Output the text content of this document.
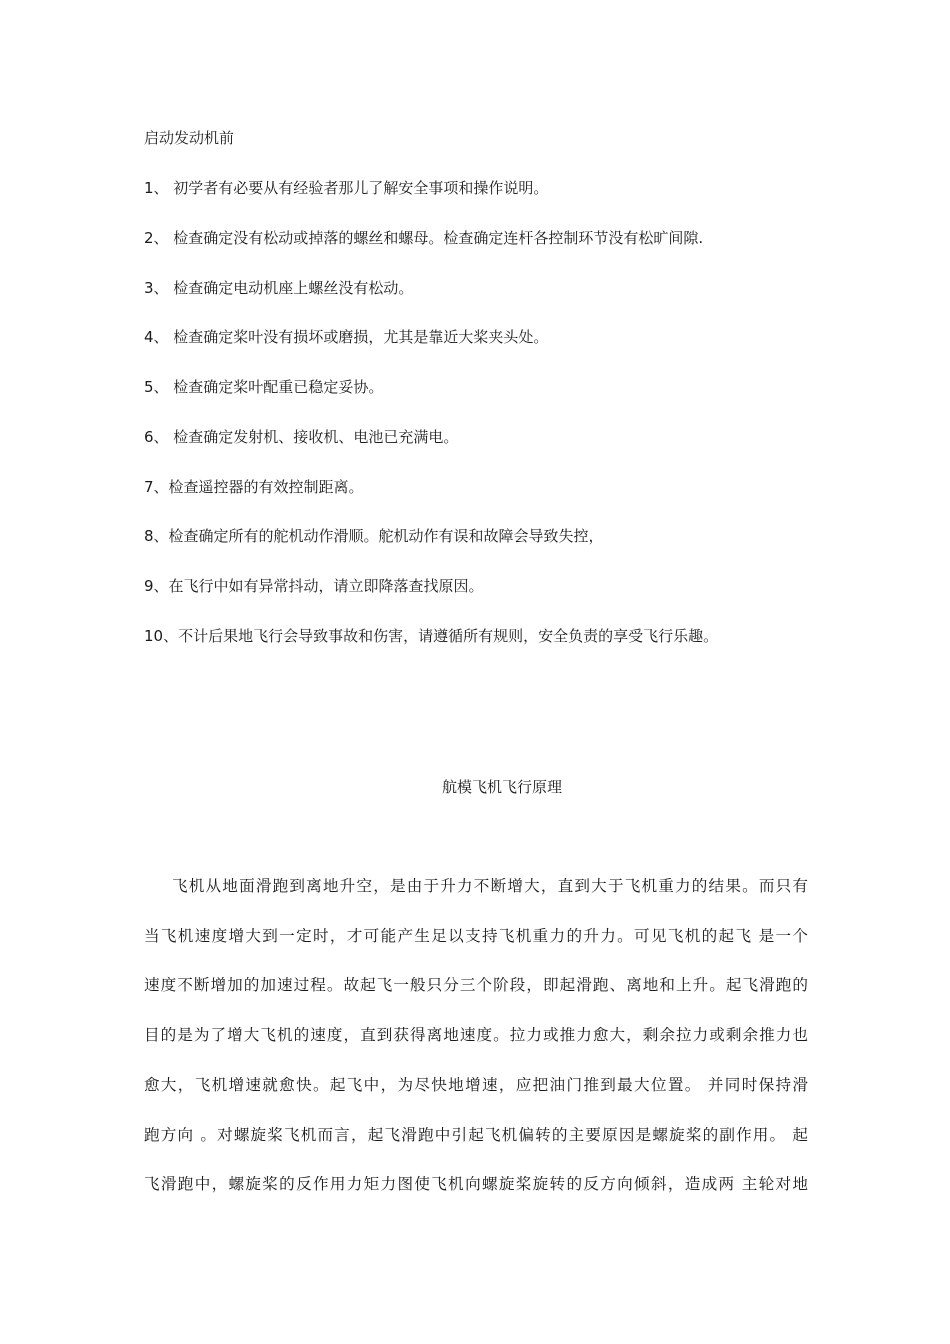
启动发动机前
1、 初学者有必要从有经验者那儿了解安全事项和操作说明。
2、 检查确定没有松动或掉落的螺丝和螺母。检查确定连杆各控制环节没有松旷间隙.
3、 检查确定电动机座上螺丝没有松动。
4、 检查确定桨叶没有损坏或磨损，尤其是靠近大桨夹头处。
5、 检查确定桨叶配重已稳定妥协。
6、 检查确定发射机、接收机、电池已充满电。
7、检查遥控器的有效控制距离。
8、检查确定所有的舵机动作滑顺。舵机动作有误和故障会导致失控，
9、在飞行中如有异常抖动，请立即降落查找原因。
10、不计后果地飞行会导致事故和伤害，请遵循所有规则，安全负责的享受飞行乐趣。
航模飞机飞行原理
飞机从地面滑跑到离地升空，是由于升力不断增大，直到大于飞机重力的结果。而只有
当飞机速度增大到一定时，才可能产生足以支持飞机重力的升力。可见飞机的起飞 是一个
速度不断增加的加速过程。故起飞一般只分三个阶段，即起滑跑、离地和上升。起飞滑跑的
目的是为了增大飞机的速度，直到获得离地速度。拉力或推力愈大，剩余拉力或剩余推力也
愈大，飞机增速就愈快。起飞中，为尽快地增速，应把油门推到最大位置。 并同时保持滑
跑方向 。对螺旋桨飞机而言，起飞滑跑中引起飞机偏转的主要原因是螺旋桨的副作用。 起
飞滑跑中，螺旋桨的反作用力矩力图使飞机向螺旋桨旋转的反方向倾斜，造成两 主轮对地
